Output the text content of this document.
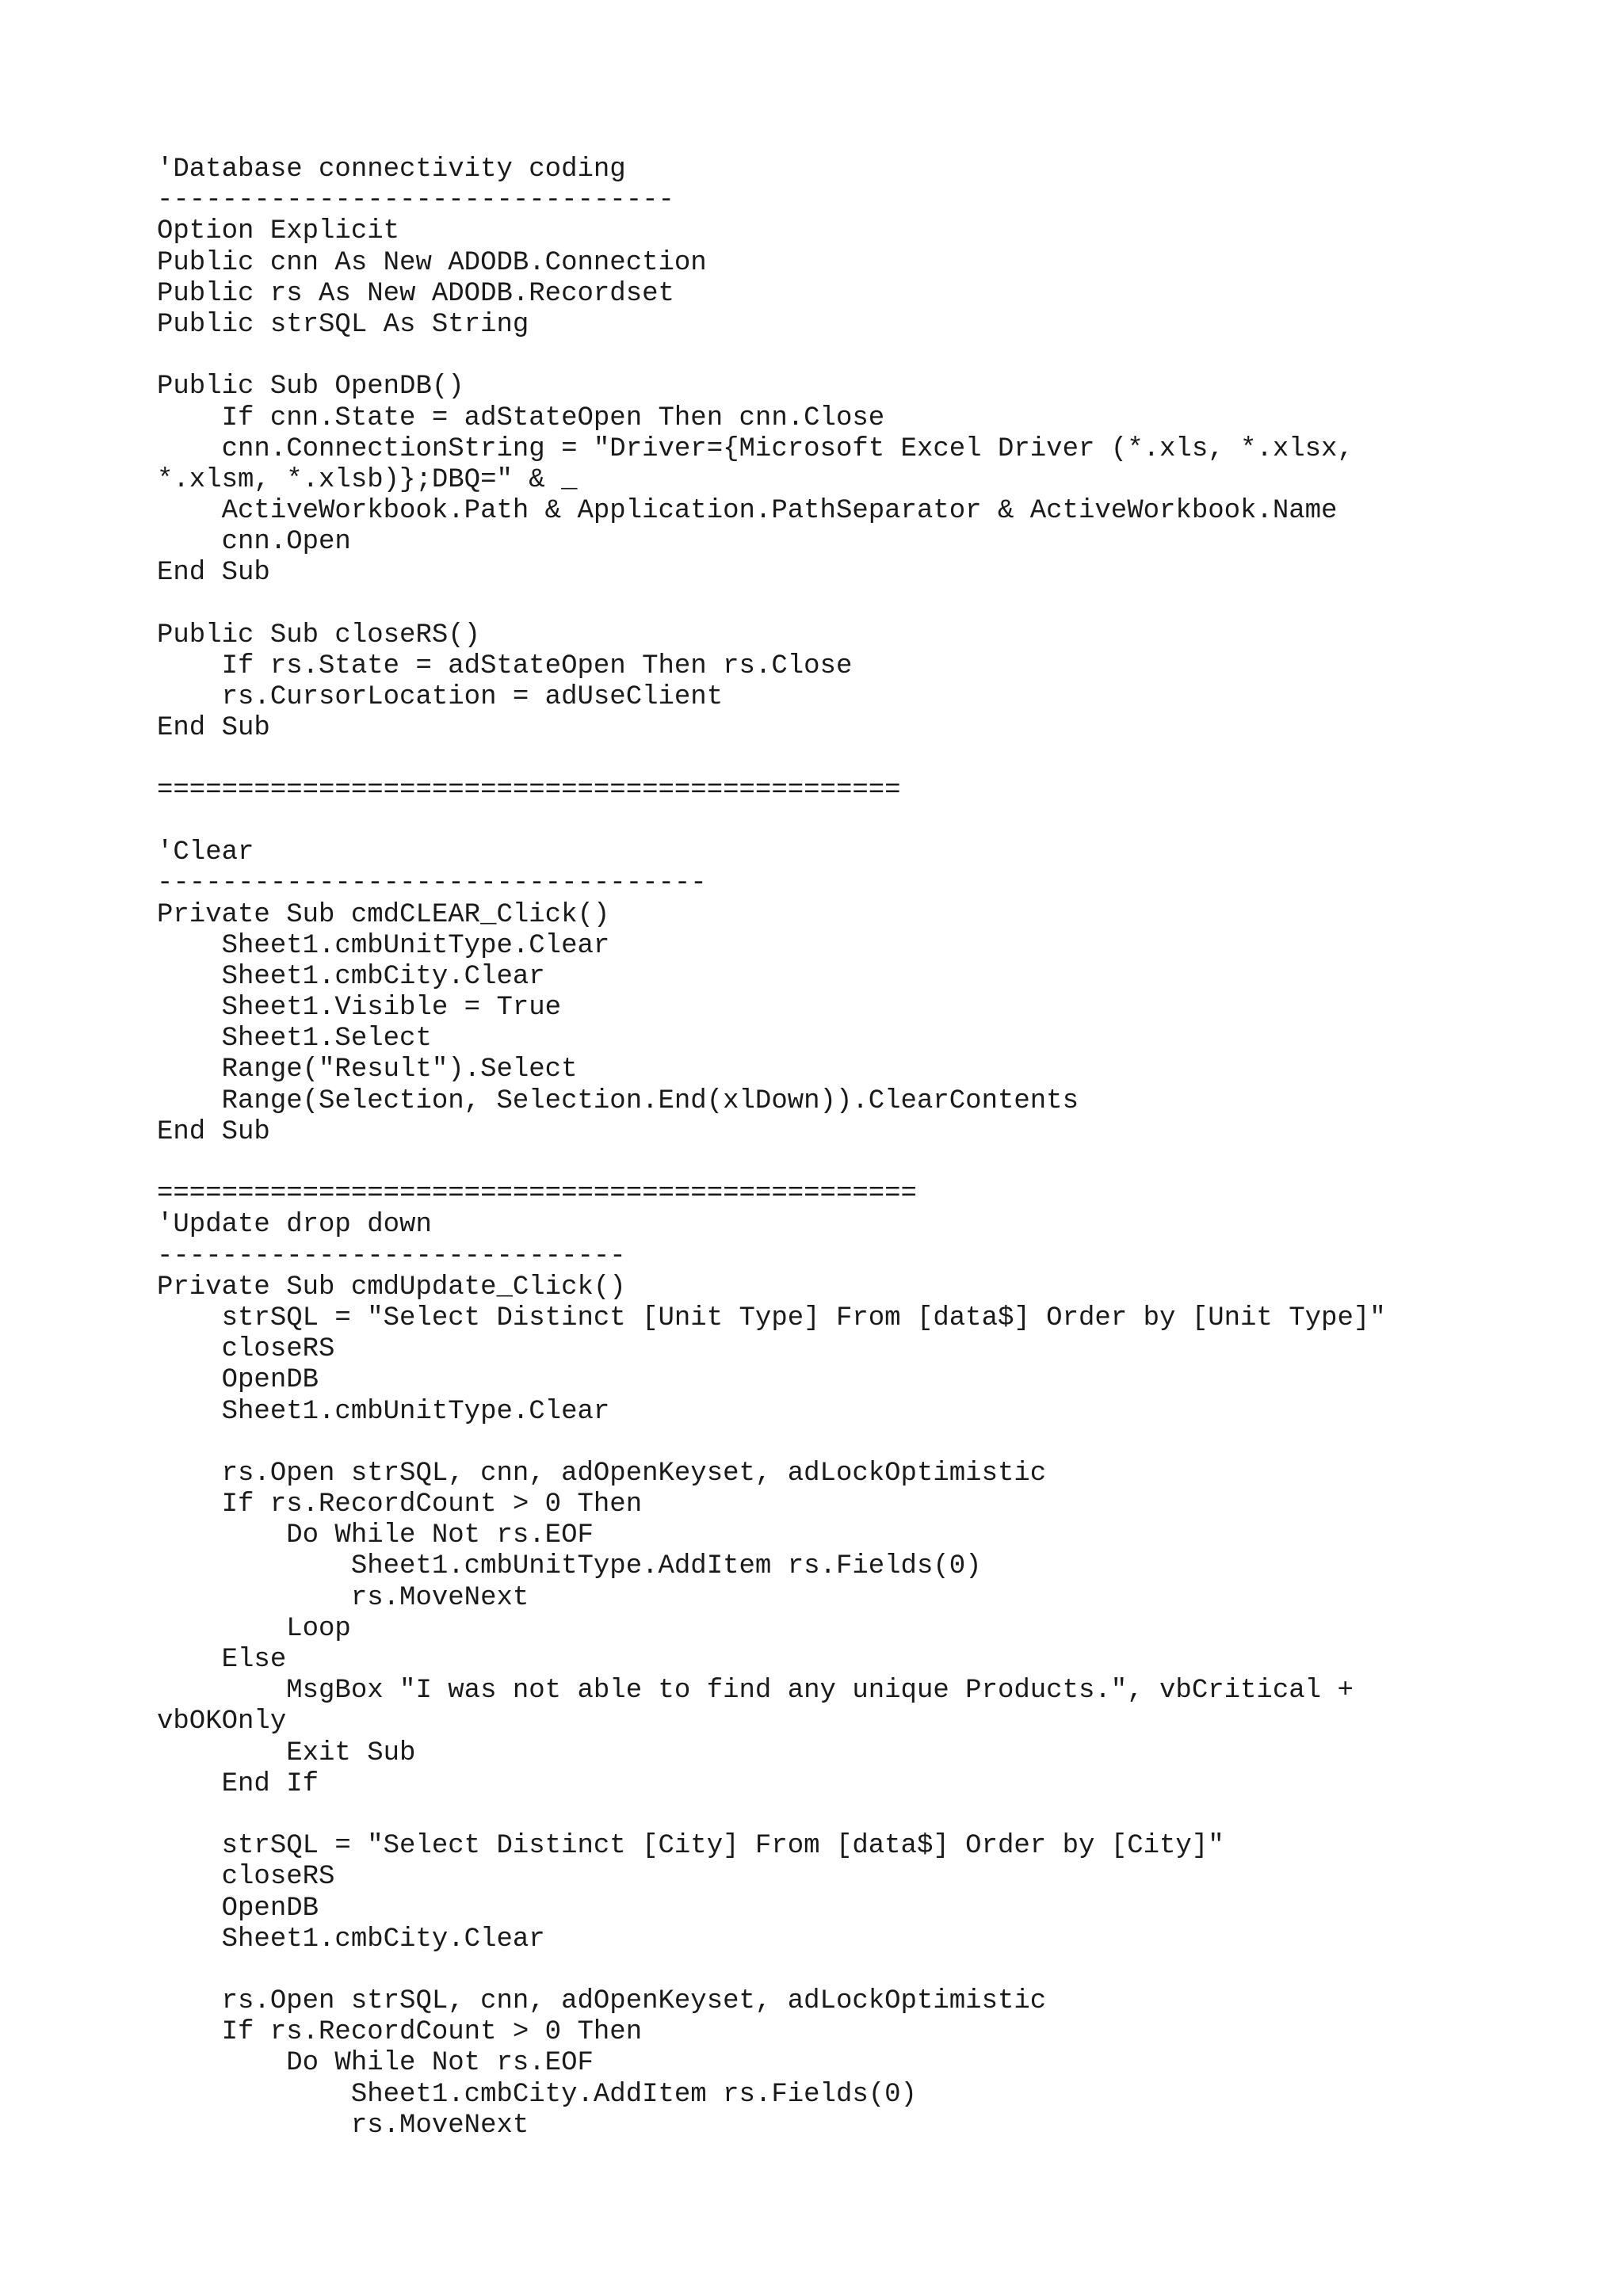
'Database connectivity coding
--------------------------------
Option Explicit
Public cnn As New ADODB.Connection
Public rs As New ADODB.Recordset
Public strSQL As String
Public Sub OpenDB()
If cnn.State = adStateOpen Then cnn.Close
cnn.ConnectionString = "Driver={Microsoft Excel Driver (*.xls, *.xlsx,
*.xlsm, *.xlsb)};DBQ=" & _
ActiveWorkbook.Path & Application.PathSeparator & ActiveWorkbook.Name
cnn.Open
End Sub
Public Sub closeRS()
If rs.State = adStateOpen Then rs.Close
rs.CursorLocation = adUseClient
End Sub
==============================================
'Clear
----------------------------------
Private Sub cmdCLEAR_Click()
Sheet1.cmbUnitType.Clear
Sheet1.cmbCity.Clear
Sheet1.Visible = True
Sheet1.Select
Range("Result").Select
Range(Selection, Selection.End(xlDown)).ClearContents
End Sub
===============================================
'Update drop down
-----------------------------
Private Sub cmdUpdate_Click()
strSQL = "Select Distinct [Unit Type] From [data$] Order by [Unit Type]"
closeRS
OpenDB
Sheet1.cmbUnitType.Clear
rs.Open strSQL, cnn, adOpenKeyset, adLockOptimistic
If rs.RecordCount > 0 Then
Do While Not rs.EOF
Sheet1.cmbUnitType.AddItem rs.Fields(0)
rs.MoveNext
Loop
Else
MsgBox "I was not able to find any unique Products.", vbCritical +
vbOKOnly
Exit Sub
End If
strSQL = "Select Distinct [City] From [data$] Order by [City]"
closeRS
OpenDB
Sheet1.cmbCity.Clear
rs.Open strSQL, cnn, adOpenKeyset, adLockOptimistic
If rs.RecordCount > 0 Then
Do While Not rs.EOF
Sheet1.cmbCity.AddItem rs.Fields(0)
rs.MoveNext
